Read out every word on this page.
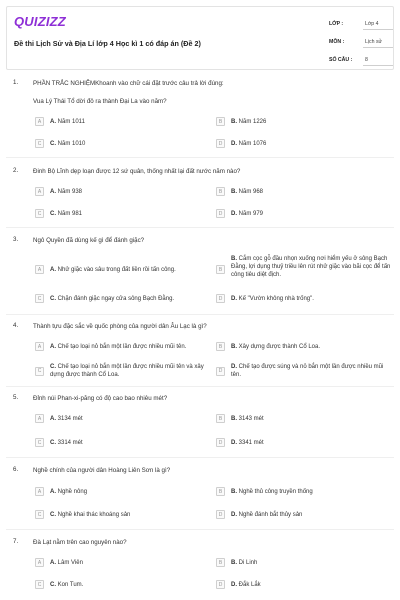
QUIZIZZ
Đề thi Lịch Sử và Địa Lí lớp 4 Học kì 1 có đáp án (Đề 2)
LỚP :	Lớp 4
MÔN :	Lịch sử
SỐ CÂU :	8
1. PHẦN TRẮC NGHIỆMKhoanh vào chữ cái đặt trước câu trả lời đúng:
Vua Lý Thái Tổ dời đô ra thành Đại La vào năm?
A	A. Năm 1011	B	B. Năm 1226
C	C. Năm 1010	D	D. Năm 1076
2. Đinh Bộ Lĩnh dẹp loạn được 12 sứ quân, thống nhất lại đất nước năm nào?
A	A. Năm 938	B	B. Năm 968
C	C. Năm 981	D	D. Năm 979
3. Ngô Quyền đã dùng kế gì để đánh giặc?
A	A. Nhử giặc vào sâu trong đất liền rồi tấn công.	B
B. Cắm cọc gỗ đầu nhọn xuống nơi hiểm yếu ở sông Bạch Đằng, lợi dụng thuỷ triều lên rút nhử giặc vào bãi cọc để tấn công tiêu diệt địch.
C	C. Chặn đánh giặc ngay cửa sông Bạch Đằng.	D	D. Kế "Vườn không nhà trống".
4. Thành tựu đặc sắc về quốc phòng của người dân Âu Lạc là gì?
A	A. Chế tạo loại nỏ bắn một lần được nhiều mũi tên.	B	B. Xây dựng được thành Cổ Loa.
C
C. Chế tạo loại nỏ bắn một lần được nhiều mũi tên và xây dựng được thành Cổ Loa.
D
D. Chế tạo được súng và nỏ bắn một lần được nhiều mũi tên.
5. Đỉnh núi Phan-xi-păng có độ cao bao nhiêu mét?
A	A. 3134 mét	B	B. 3143 mét
C	C. 3314 mét	D	D. 3341 mét
6. Nghề chính của người dân Hoàng Liên Sơn là gì?
A	A. Nghề nông	B	B. Nghề thủ công truyền thống
C	C. Nghề khai thác khoáng sản	D	D. Nghề đánh bắt thủy sản
7. Đà Lạt nằm trên cao nguyên nào?
A	A. Lâm Viên	B	B. Di Linh
C	C. Kon Tum.	D	D. Đắk Lắk
